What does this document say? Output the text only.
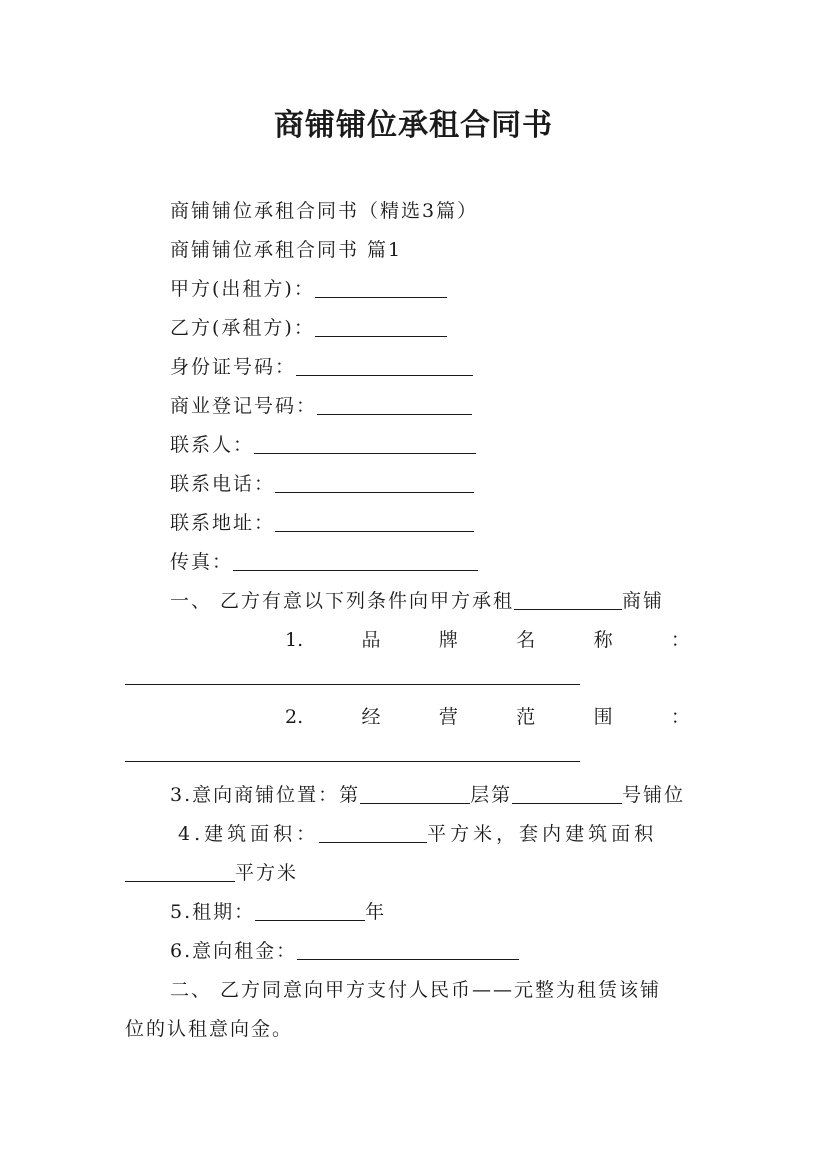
商铺铺位承租合同书
商铺铺位承租合同书（精选3篇）
商铺铺位承租合同书 篇1
甲方(出租方)：
乙方(承租方)：
身份证号码：
商业登记号码：
联系人：
联系电话：
联系地址：
传真：
一、 乙方有意以下列条件向甲方承租	商铺
1.	品	牌	名	称	：
2.	经	营	范	围	：
3.意向商铺位置：第	层第	号铺位
4.建筑面积：	平方米，套内建筑面积
平方米
5.租期：	年
6.意向租金：
二、 乙方同意向甲方支付人民币——元整为租赁该铺
位的认租意向金。
